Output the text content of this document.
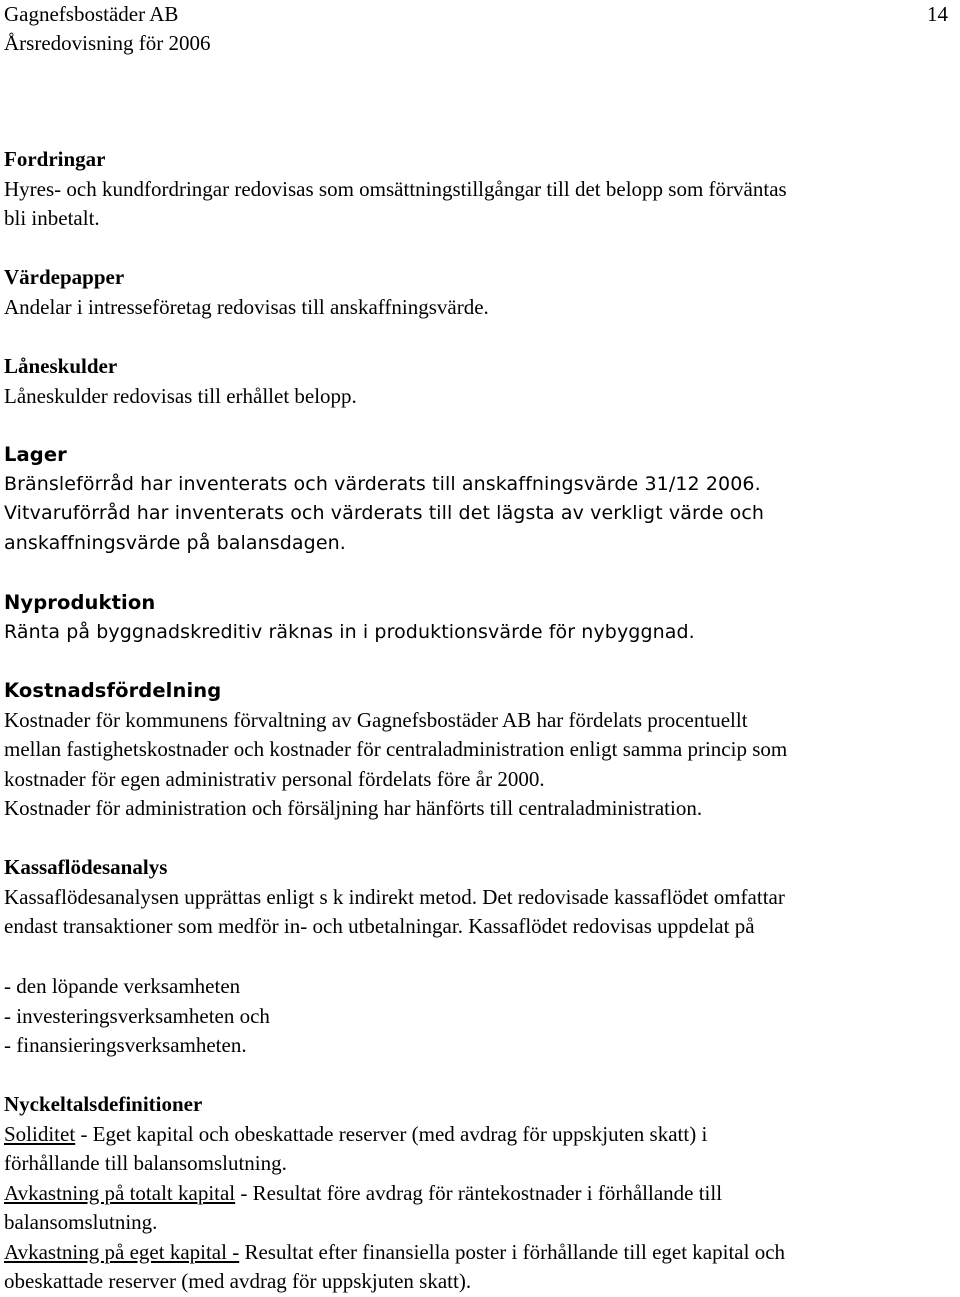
Gagnefsbostäder AB
Årsredovisning för 2006
14
Fordringar
Hyres- och kundfordringar redovisas som omsättningstillgångar till det belopp som förväntas
bli inbetalt.
Värdepapper
Andelar i intresseföretag redovisas till anskaffningsvärde.
Låneskulder
Låneskulder redovisas till erhållet belopp.
Lager
Bränsleförråd har inventerats och värderats till anskaffningsvärde 31/12 2006.
Vitvaruförråd har inventerats och värderats till det lägsta av verkligt värde och
anskaffningsvärde på balansdagen.
Nyproduktion
Ränta på byggnadskreditiv räknas in i produktionsvärde för nybyggnad.
Kostnadsfördelning
Kostnader för kommunens förvaltning av Gagnefsbostäder AB har fördelats procentuellt
mellan fastighetskostnader och kostnader för centraladministration enligt samma princip som
kostnader för egen administrativ personal fördelats före år 2000.
Kostnader för administration och försäljning har hänförts till centraladministration.
Kassaflödesanalys
Kassaflödesanalysen upprättas enligt s k indirekt metod. Det redovisade kassaflödet omfattar
endast transaktioner som medför in- och utbetalningar. Kassaflödet redovisas uppdelat på
- den löpande verksamheten
- investeringsverksamheten och
- finansieringsverksamheten.
Nyckeltalsdefinitioner
Soliditet - Eget kapital och obeskattade reserver (med avdrag för uppskjuten skatt) i
förhållande till balansomslutning.
Avkastning på totalt kapital - Resultat före avdrag för räntekostnader i förhållande till
balansomslutning.
Avkastning på eget kapital - Resultat efter finansiella poster i förhållande till eget kapital och
obeskattade reserver (med avdrag för uppskjuten skatt).
